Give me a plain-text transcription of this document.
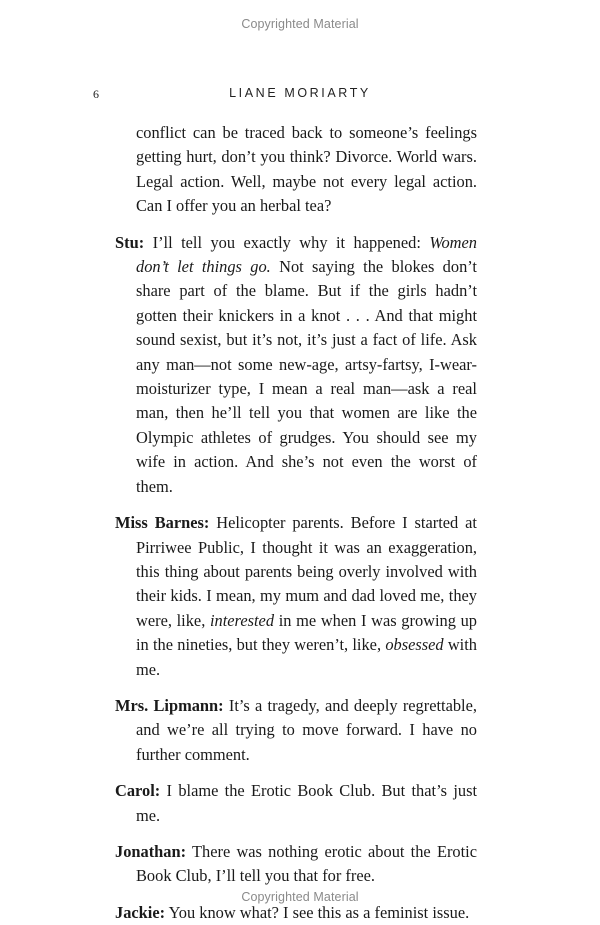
Copyrighted Material
6	LIANE MORIARTY

conflict can be traced back to someone’s feelings getting hurt, don’t you think? Divorce. World wars. Legal action. Well, maybe not every legal action. Can I offer you an herbal tea?

Stu: I’ll tell you exactly why it happened: Women don’t let things go. Not saying the blokes don’t share part of the blame. But if the girls hadn’t gotten their knickers in a knot . . . And that might sound sexist, but it’s not, it’s just a fact of life. Ask any man—not some new-age, artsy-fartsy, I-wear-moisturizer type, I mean a real man—ask a real man, then he’ll tell you that women are like the Olympic athletes of grudges. You should see my wife in action. And she’s not even the worst of them.

Miss Barnes: Helicopter parents. Before I started at Pirriwee Public, I thought it was an exaggeration, this thing about parents being overly involved with their kids. I mean, my mum and dad loved me, they were, like, interested in me when I was growing up in the nineties, but they weren’t, like, obsessed with me.

Mrs. Lipmann: It’s a tragedy, and deeply regrettable, and we’re all trying to move forward. I have no further comment.

Carol: I blame the Erotic Book Club. But that’s just me.

Jonathan: There was nothing erotic about the Erotic Book Club, I’ll tell you that for free.

Jackie: You know what? I see this as a feminist issue.

Copyrighted Material
